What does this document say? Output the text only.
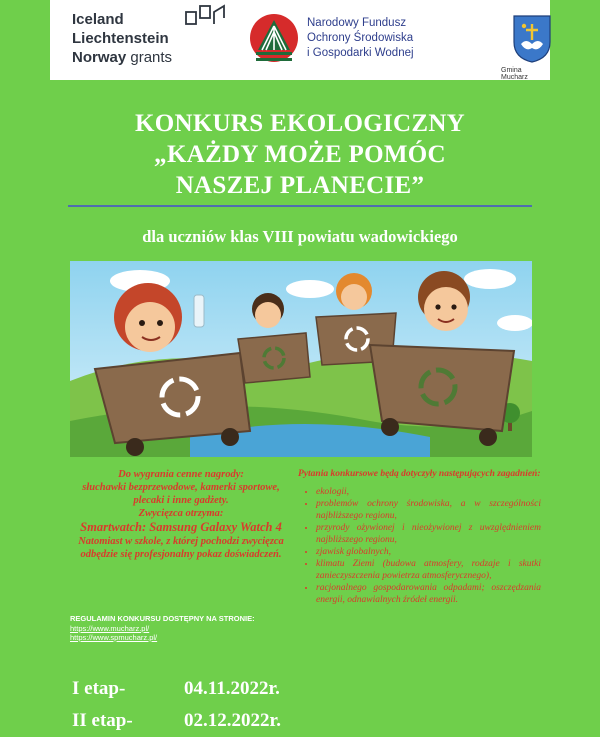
Iceland
Liechtenstein
Norway grants
Narodowy Fundusz
Ochrony Środowiska
i Gospodarki Wodnej
Gmina Mucharz
KONKURS EKOLOGICZNY
„KAŻDY MOŻE POMÓC
NASZEJ PLANECIE”
dla uczniów klas VIII powiatu wadowickiego
Do wygrania cenne nagrody:
słuchawki bezprzewodowe, kamerki sportowe, plecaki i inne gadżety.
Zwycięzca otrzyma:
Smartwatch: Samsung Galaxy Watch 4
Natomiast w szkole, z której pochodzi zwycięzca odbędzie się profesjonalny pokaz doświadczeń.
REGULAMIN KONKURSU DOSTĘPNY NA STRONIE:
https://www.mucharz.pl/
https://www.spmucharz.pl/
Pytania konkursowe będą dotyczyły następujących zagadnień:
• ekologii,
• problemów ochrony środowiska, a w szczególności najbliższego regionu,
• przyrody ożywionej i nieożywionej z uwzględnieniem najbliższego regionu,
• zjawisk globalnych,
• klimatu Ziemi (budowa atmosfery, rodzaje i skutki zanieczyszczenia powietrza atmosferycznego),
• racjonalnego gospodarowania odpadami; oszczędzania energii, odnawialnych źródeł energii.
I etap-	04.11.2022r.
II etap-	02.12.2022r.
